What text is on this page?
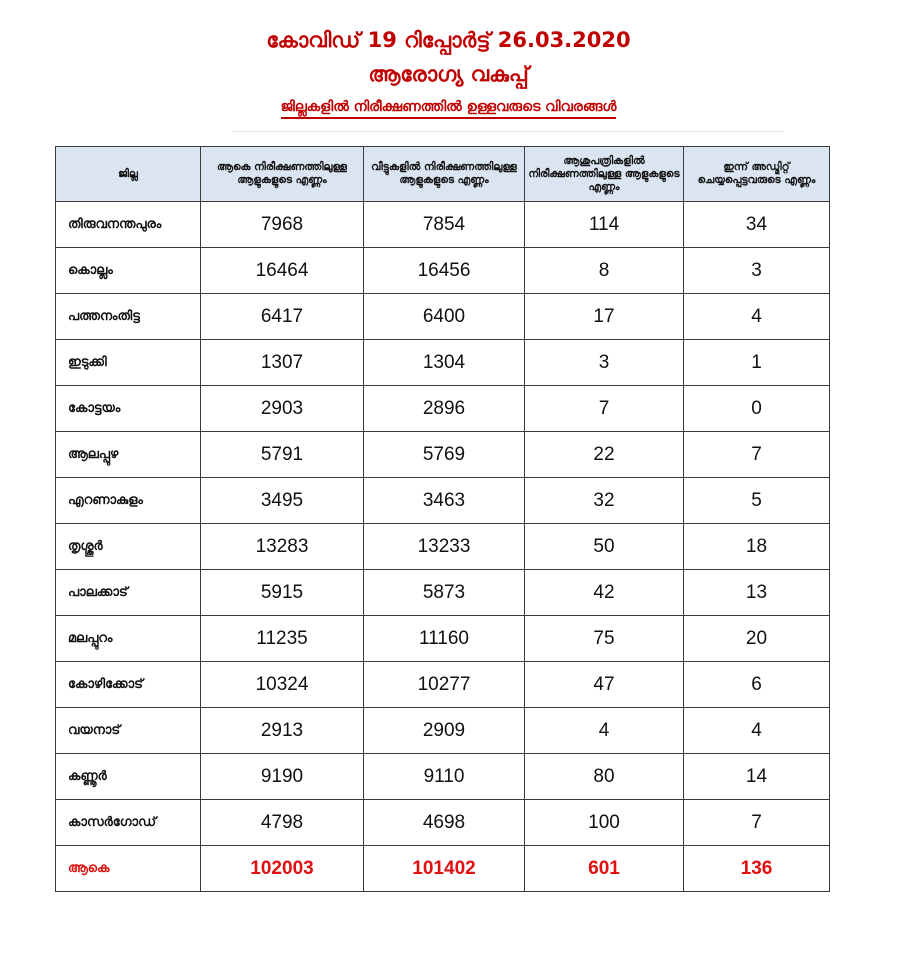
കോവിഡ് 19 റിപ്പോർട്ട് 26.03.2020
ആരോഗ്യ വകുപ്പ്
ജില്ലകളിൽ നിരീക്ഷണത്തിൽ ഉള്ളവരുടെ വിവരങ്ങൾ
ജില്ല	ആകെ നിരീക്ഷണത്തിലുള്ള ആളുകളുടെ എണ്ണം	വീട്ടുകളിൽ നിരീക്ഷണത്തിലുള്ള ആളുകളുടെ എണ്ണം	ആശുപത്രികളിൽ നിരീക്ഷണത്തിലുള്ള ആളുകളുടെ എണ്ണം	ഇന്ന് അഡ്മിറ്റ് ചെയ്യപ്പെട്ടവരുടെ എണ്ണം
തിരുവനന്തപുരം	7968	7854	114	34
കൊല്ലം	16464	16456	8	3
പത്തനംതിട്ട	6417	6400	17	4
ഇടുക്കി	1307	1304	3	1
കോട്ടയം	2903	2896	7	0
ആലപ്പുഴ	5791	5769	22	7
എറണാകുളം	3495	3463	32	5
തൃശ്ശൂർ	13283	13233	50	18
പാലക്കാട്	5915	5873	42	13
മലപ്പുറം	11235	11160	75	20
കോഴിക്കോട്	10324	10277	47	6
വയനാട്	2913	2909	4	4
കണ്ണൂർ	9190	9110	80	14
കാസർഗോഡ്	4798	4698	100	7
ആകെ	102003	101402	601	136
